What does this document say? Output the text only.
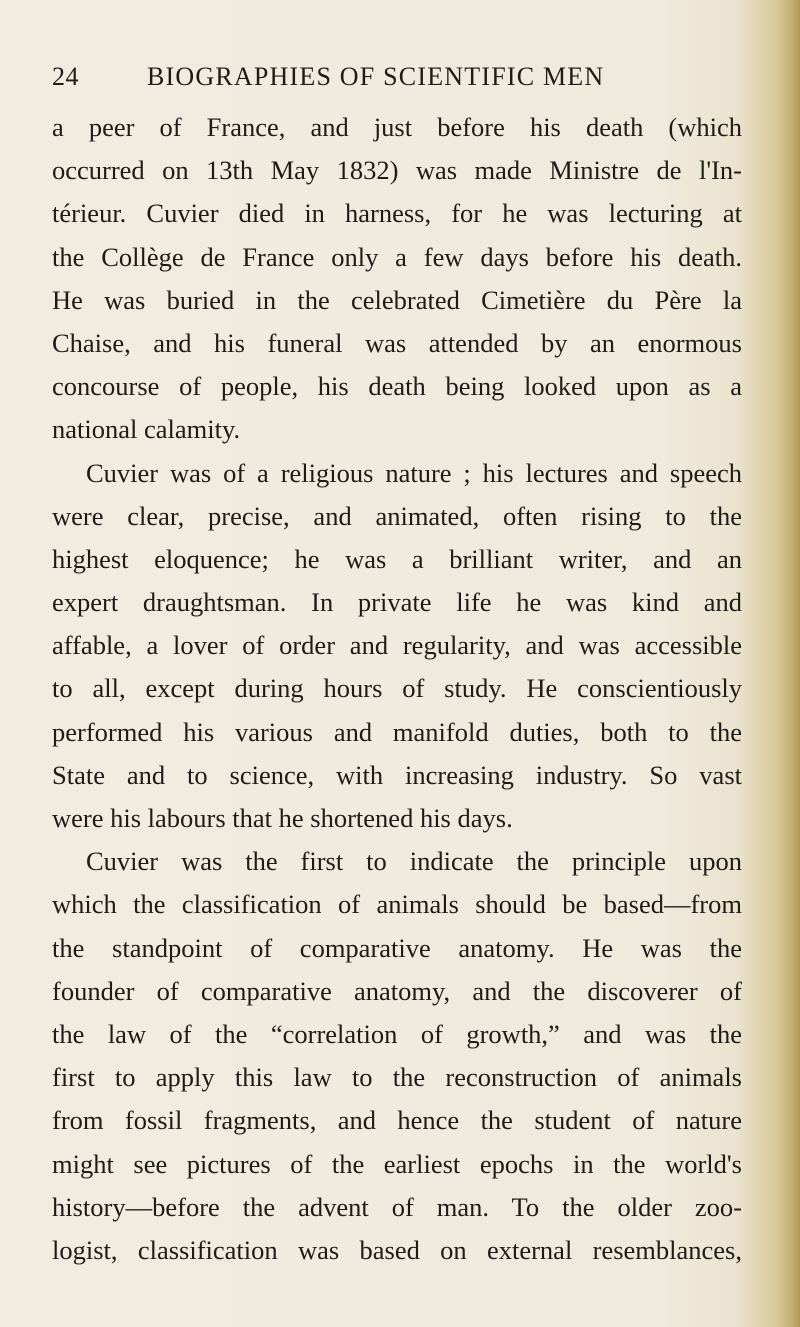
24	BIOGRAPHIES OF SCIENTIFIC MEN
a peer of France, and just before his death (which
occurred on 13th May 1832) was made Ministre de l'In-
térieur. Cuvier died in harness, for he was lecturing at
the Collège de France only a few days before his death.
He was buried in the celebrated Cimetière du Père la
Chaise, and his funeral was attended by an enormous
concourse of people, his death being looked upon as a
national calamity.
Cuvier was of a religious nature ; his lectures and speech
were clear, precise, and animated, often rising to the
highest eloquence; he was a brilliant writer, and an
expert draughtsman. In private life he was kind and
affable, a lover of order and regularity, and was accessible
to all, except during hours of study. He conscientiously
performed his various and manifold duties, both to the
State and to science, with increasing industry. So vast
were his labours that he shortened his days.
Cuvier was the first to indicate the principle upon
which the classification of animals should be based—from
the standpoint of comparative anatomy. He was the
founder of comparative anatomy, and the discoverer of
the law of the “correlation of growth,” and was the
first to apply this law to the reconstruction of animals
from fossil fragments, and hence the student of nature
might see pictures of the earliest epochs in the world's
history—before the advent of man. To the older zoo-
logist, classification was based on external resemblances,
